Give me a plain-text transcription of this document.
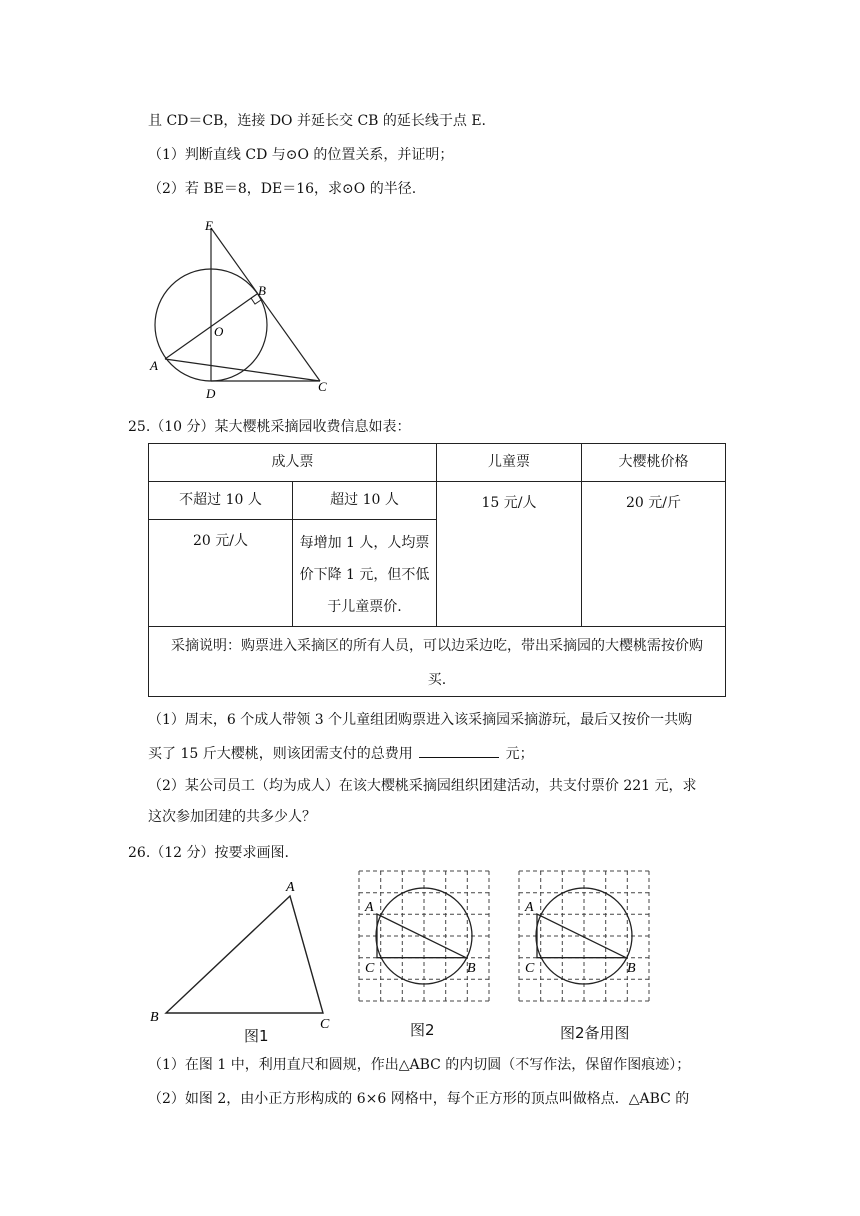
且 CD＝CB，连接 DO 并延长交 CB 的延长线于点 E.
（1）判断直线 CD 与⊙O 的位置关系，并证明；
（2）若 BE＝8，DE＝16，求⊙O 的半径.
E
B
O
A
D	C
25.（10 分）某大樱桃采摘园收费信息如表：
成人票	儿童票	大樱桃价格
不超过 10 人	超过 10 人	15 元/人	20 元/斤
20 元/人	每增加 1 人，人均票
价下降 1 元，但不低
于儿童票价.
采摘说明：购票进入采摘区的所有人员，可以边采边吃，带出采摘园的大樱桃需按价购
买.
（1）周末，6 个成人带领 3 个儿童组团购票进入该采摘园采摘游玩，最后又按价一共购
买了 15 斤大樱桃，则该团需支付的总费用	元；
（2）某公司员工（均为成人）在该大樱桃采摘园组织团建活动，共支付票价 221 元，求
这次参加团建的共多少人？
26.（12 分）按要求画图.
A
B	C
图1
A
C	B
图2
A
C	B
图2备用图
（1）在图 1 中，利用直尺和圆规，作出△ABC 的内切圆（不写作法，保留作图痕迹）；
（2）如图 2，由小正方形构成的 6×6 网格中，每个正方形的顶点叫做格点．△ABC 的
